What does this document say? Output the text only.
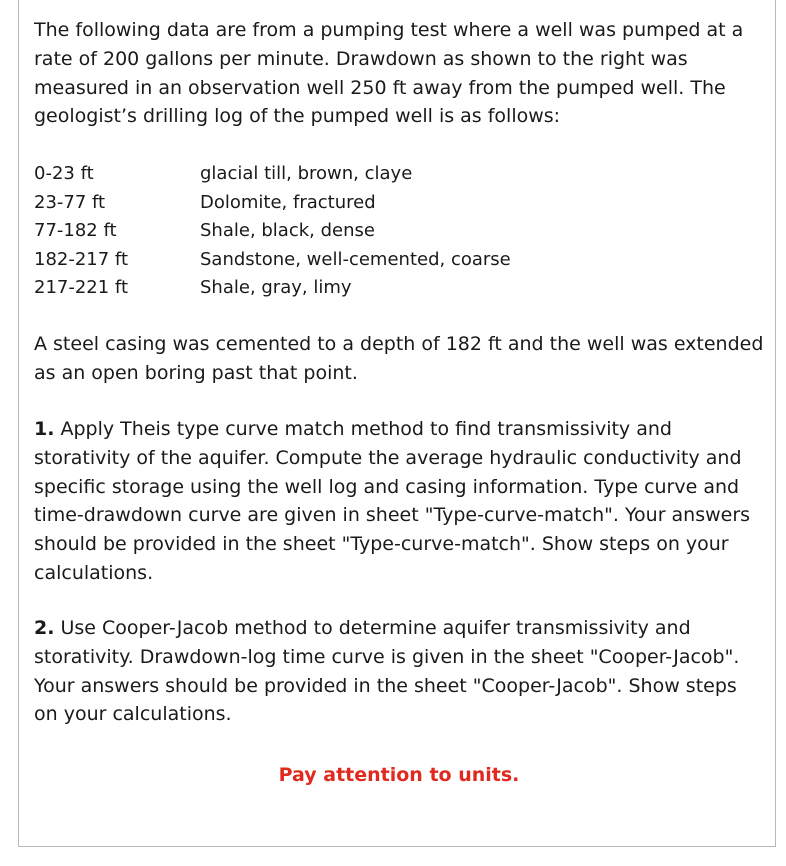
The following data are from a pumping test where a well was pumped at a rate of 200 gallons per minute. Drawdown as shown to the right was measured in an observation well 250 ft away from the pumped well. The geologist’s drilling log of the pumped well is as follows:

0-23 ft	glacial till, brown, claye
23-77 ft	Dolomite, fractured
77-182 ft	Shale, black, dense
182-217 ft	Sandstone, well-cemented, coarse
217-221 ft	Shale, gray, limy

A steel casing was cemented to a depth of 182 ft and the well was extended as an open boring past that point.

1. Apply Theis type curve match method to find transmissivity and storativity of the aquifer. Compute the average hydraulic conductivity and specific storage using the well log and casing information. Type curve and time-drawdown curve are given in sheet "Type-curve-match". Your answers should be provided in the sheet "Type-curve-match". Show steps on your calculations.

2. Use Cooper-Jacob method to determine aquifer transmissivity and storativity. Drawdown-log time curve is given in the sheet "Cooper-Jacob". Your answers should be provided in the sheet "Cooper-Jacob". Show steps on your calculations.

Pay attention to units.
